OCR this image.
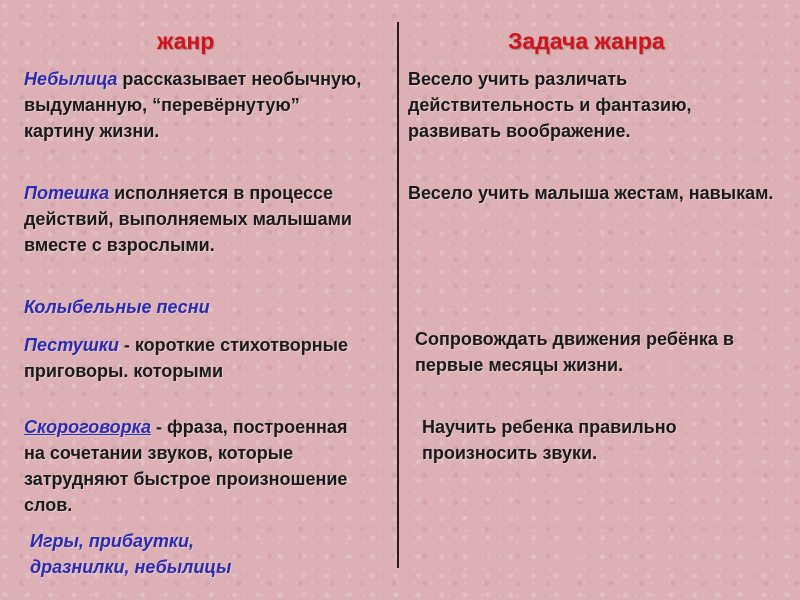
жанр	Задача жанра
Небылица рассказывает необычную, выдуманную, “перевёрнутую” картину жизни.
Весело учить различать действительность и фантазию, развивать воображение.
Потешка исполняется в процессе действий, выполняемых малышами вместе с взрослыми.
Весело учить малыша жестам, навыкам.
Колыбельные песни
Пестушки - короткие стихотворные приговоры. которыми
Сопровождать движения ребёнка в первые месяцы жизни.
Скороговорка - фраза, построенная на сочетании звуков, которые затрудняют быстрое произношение слов.
Научить ребенка правильно произносить звуки.
Игры, прибаутки, дразнилки, небылицы
